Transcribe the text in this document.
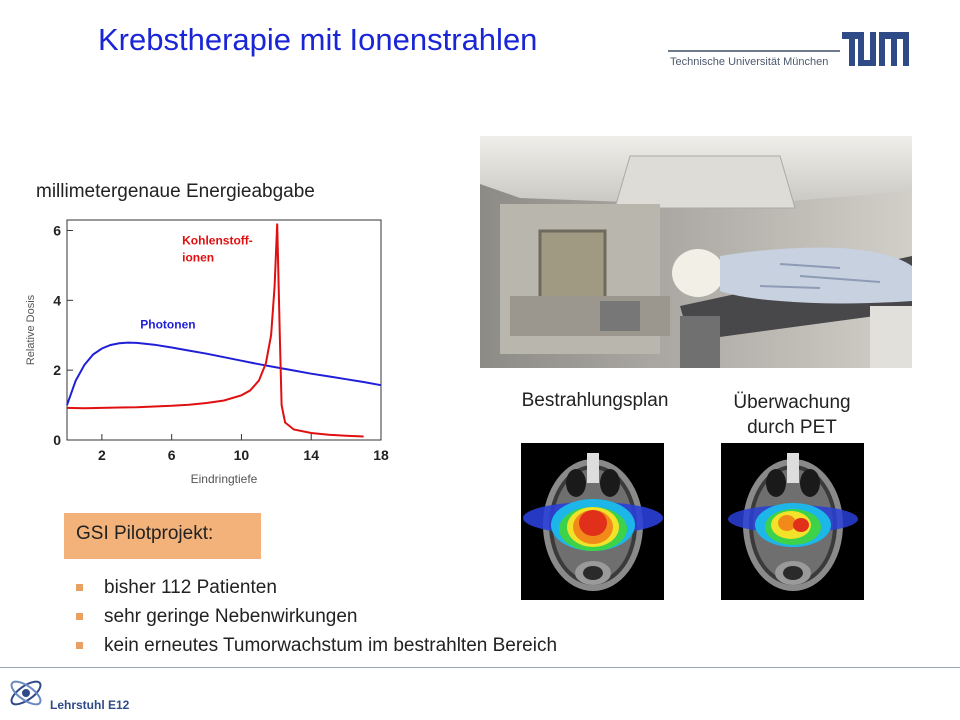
Krebstherapie mit Ionenstrahlen
Technische Universität München
millimetergenaue Energieabgabe
0
2
4
6
2	6	10	14	18
Photonen
Kohlenstoff-
ionen
Relative Dosis
Eindringtiefe
Bestrahlungsplan	Überwachung
durch PET
GSI Pilotprojekt:
bisher 112 Patienten
sehr geringe Nebenwirkungen
kein erneutes Tumorwachstum im bestrahlten Bereich
Lehrstuhl E12
